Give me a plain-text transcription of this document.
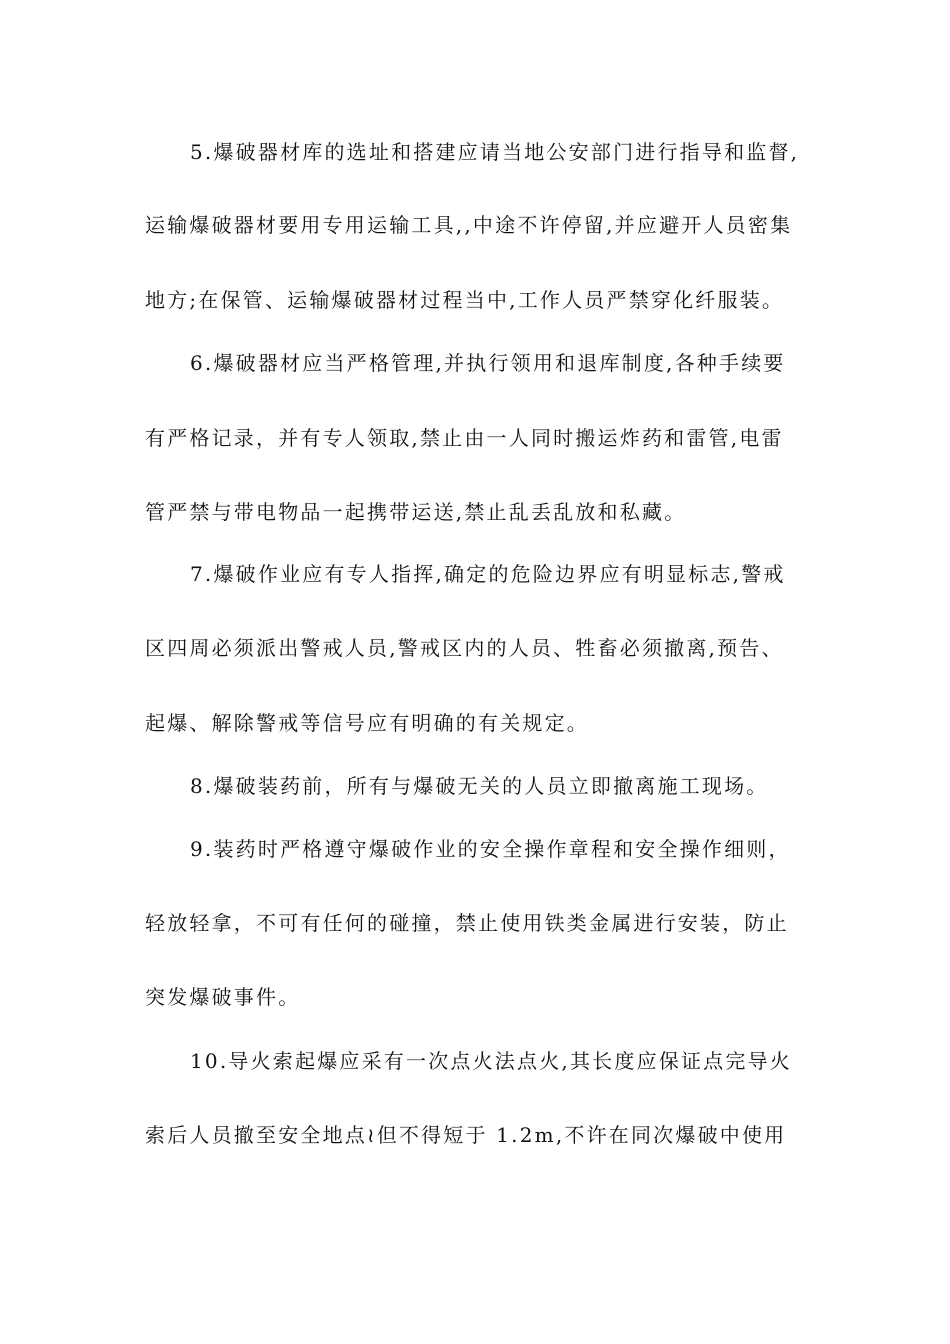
5.爆破器材库的选址和搭建应请当地公安部门进行指导和监督,
运输爆破器材要用专用运输工具,,中途不许停留,并应避开人员密集
地方;在保管、运输爆破器材过程当中,工作人员严禁穿化纤服装。
6.爆破器材应当严格管理,并执行领用和退库制度,各种手续要
有严格记录，并有专人领取,禁止由一人同时搬运炸药和雷管,电雷
管严禁与带电物品一起携带运送,禁止乱丢乱放和私藏。
7.爆破作业应有专人指挥,确定的危险边界应有明显标志,警戒
区四周必须派出警戒人员,警戒区内的人员、牲畜必须撤离,预告、
起爆、解除警戒等信号应有明确的有关规定。
8.爆破装药前，所有与爆破无关的人员立即撤离施工现场。
9.装药时严格遵守爆破作业的安全操作章程和安全操作细则，
轻放轻拿，不可有任何的碰撞，禁止使用铁类金属进行安装，防止
突发爆破事件。
10.导火索起爆应采有一次点火法点火,其长度应保证点完导火
索后人员撤至安全地点≀但不得短于 1.2m,不许在同次爆破中使用
